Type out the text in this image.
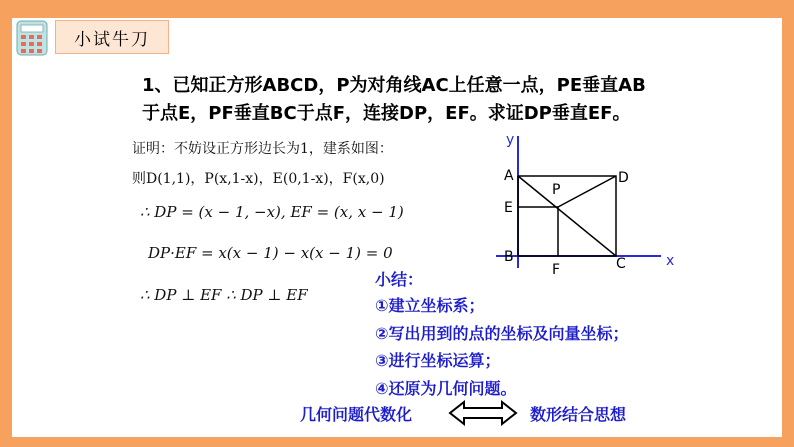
小试牛刀
1、已知正方形ABCD，P为对角线AC上任意一点，PE垂直AB
于点E，PF垂直BC于点F，连接DP，EF。求证DP垂直EF。
证明：不妨设正方形边长为1，建系如图：
则D(1,1)，P(x,1-x)，E(0,1-x)，F(x,0)
∴ DP = (x − 1, −x), EF = (x, x − 1)
DP·EF = x(x − 1) − x(x − 1) = 0
∴ DP ⊥ EF ∴ DP ⊥ EF
y
x
A	D
P
E
B	C
F
小结：
①建立坐标系；
②写出用到的点的坐标及向量坐标；
③进行坐标运算；
④还原为几何问题。
几何问题代数化	数形结合思想
